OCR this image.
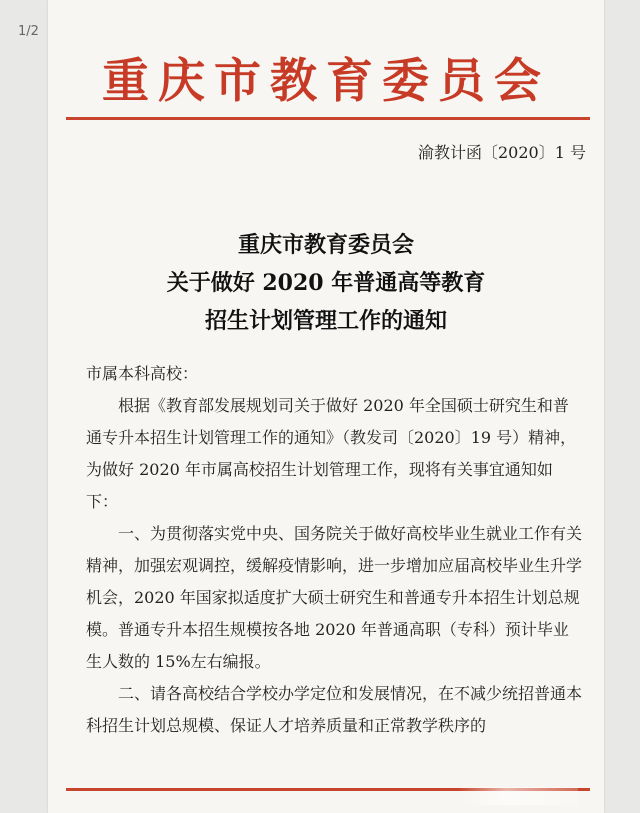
1/2
重庆市教育委员会
渝教计函〔2020〕1 号
重庆市教育委员会
关于做好 2020 年普通高等教育
招生计划管理工作的通知

市属本科高校：

根据《教育部发展规划司关于做好 2020 年全国硕士研究生和普通专升本招生计划管理工作的通知》（教发司〔2020〕19 号）精神，为做好 2020 年市属高校招生计划管理工作，现将有关事宜通知如下：

一、为贯彻落实党中央、国务院关于做好高校毕业生就业工作有关精神，加强宏观调控，缓解疫情影响，进一步增加应届高校毕业生升学机会，2020 年国家拟适度扩大硕士研究生和普通专升本招生计划总规模。普通专升本招生规模按各地 2020 年普通高职（专科）预计毕业生人数的 15%左右编报。

二、请各高校结合学校办学定位和发展情况，在不减少统招普通本科招生计划总规模、保证人才培养质量和正常教学秩序的
